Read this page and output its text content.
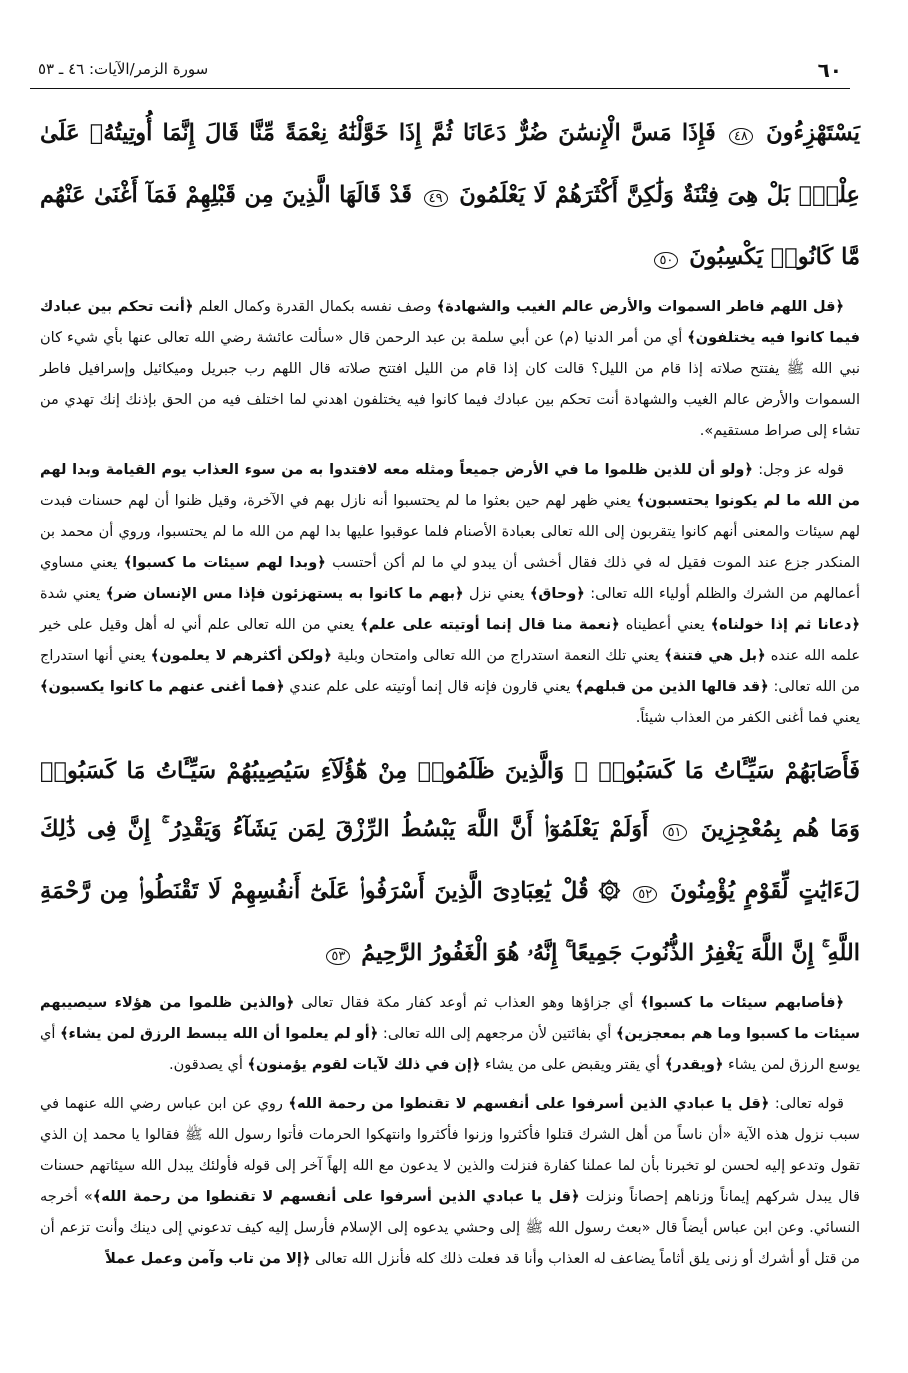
٦٠
سورة الزمر/الآيات: ٤٦ ـ ٥٣

يَسْتَهْزِءُونَ ٤٨ فَإِذَا مَسَّ الْإِنسَٰنَ ضُرٌّ دَعَانَا ثُمَّ إِذَا خَوَّلْنَٰهُ نِعْمَةً مِّنَّا قَالَ إِنَّمَا أُوتِيتُهُۥ عَلَىٰ عِلْمٍۭ بَلْ هِىَ فِتْنَةٌ وَلَٰكِنَّ أَكْثَرَهُمْ لَا يَعْلَمُونَ ٤٩ قَدْ قَالَهَا الَّذِينَ مِن قَبْلِهِمْ فَمَآ أَغْنَىٰ عَنْهُم مَّا كَانُوا۟ يَكْسِبُونَ ٥٠

﴿قل اللهم فاطر السموات والأرض عالم الغيب والشهادة﴾ وصف نفسه بكمال القدرة وكمال العلم ﴿أنت تحكم بين عبادك فيما كانوا فيه يختلفون﴾ أي من أمر الدنيا (م) عن أبي سلمة بن عبد الرحمن قال «سألت عائشة رضي الله تعالى عنها بأي شيء كان نبي الله ﷺ يفتتح صلاته إذا قام من الليل؟ قالت كان إذا قام من الليل افتتح صلاته قال اللهم رب جبريل وميكائيل وإسرافيل فاطر السموات والأرض عالم الغيب والشهادة أنت تحكم بين عبادك فيما كانوا فيه يختلفون اهدني لما اختلف فيه من الحق بإذنك إنك تهدي من تشاء إلى صراط مستقيم».

قوله عز وجل: ﴿ولو أن للذين ظلموا ما في الأرض جميعاً ومثله معه لافتدوا به من سوء العذاب يوم القيامة وبدا لهم من الله ما لم يكونوا يحتسبون﴾ يعني ظهر لهم حين بعثوا ما لم يحتسبوا أنه نازل بهم في الآخرة، وقيل ظنوا أن لهم حسنات فبدت لهم سيئات والمعنى أنهم كانوا يتقربون إلى الله تعالى بعبادة الأصنام فلما عوقبوا عليها بدا لهم من الله ما لم يحتسبوا، وروي أن محمد بن المنكدر جزع عند الموت فقيل له في ذلك فقال أخشى أن يبدو لي ما لم أكن أحتسب ﴿وبدا لهم سيئات ما كسبوا﴾ يعني مساوي أعمالهم من الشرك والظلم أولياء الله تعالى: ﴿وحاق﴾ يعني نزل ﴿بهم ما كانوا به يستهزئون فإذا مس الإنسان ضر﴾ يعني شدة ﴿دعانا ثم إذا خولناه﴾ يعني أعطيناه ﴿نعمة منا قال إنما أوتيته على علم﴾ يعني من الله تعالى علم أني له أهل وقيل على خير علمه الله عنده ﴿بل هي فتنة﴾ يعني تلك النعمة استدراج من الله تعالى وامتحان وبلية ﴿ولكن أكثرهم لا يعلمون﴾ يعني أنها استدراج من الله تعالى: ﴿قد قالها الذين من قبلهم﴾ يعني قارون فإنه قال إنما أوتيته على علم عندي ﴿فما أغنى عنهم ما كانوا يكسبون﴾ يعني فما أغنى الكفر من العذاب شيئاً.

فَأَصَابَهُمْ سَيِّـَٔاتُ مَا كَسَبُوا۟ ۚ وَالَّذِينَ ظَلَمُوا۟ مِنْ هَٰٓؤُلَآءِ سَيُصِيبُهُمْ سَيِّـَٔاتُ مَا كَسَبُوا۟ وَمَا هُم بِمُعْجِزِينَ ٥١ أَوَلَمْ يَعْلَمُوٓا۟ أَنَّ اللَّهَ يَبْسُطُ الرِّزْقَ لِمَن يَشَآءُ وَيَقْدِرُ ۚ إِنَّ فِى ذَٰلِكَ لَءَايَٰتٍ لِّقَوْمٍ يُؤْمِنُونَ ٥٢ ۞ قُلْ يَٰعِبَادِىَ الَّذِينَ أَسْرَفُوا۟ عَلَىٰٓ أَنفُسِهِمْ لَا تَقْنَطُوا۟ مِن رَّحْمَةِ اللَّهِ ۚ إِنَّ اللَّهَ يَغْفِرُ الذُّنُوبَ جَمِيعًا ۚ إِنَّهُۥ هُوَ الْغَفُورُ الرَّحِيمُ ٥٣

﴿فأصابهم سيئات ما كسبوا﴾ أي جزاؤها وهو العذاب ثم أوعد كفار مكة فقال تعالى ﴿والذين ظلموا من هؤلاء سيصيبهم سيئات ما كسبوا وما هم بمعجزين﴾ أي بفائتين لأن مرجعهم إلى الله تعالى: ﴿أو لم يعلموا أن الله يبسط الرزق لمن يشاء﴾ أي يوسع الرزق لمن يشاء ﴿ويقدر﴾ أي يقتر ويقبض على من يشاء ﴿إن في ذلك لآيات لقوم يؤمنون﴾ أي يصدقون.

قوله تعالى: ﴿قل يا عبادي الذين أسرفوا على أنفسهم لا تقنطوا من رحمة الله﴾ روي عن ابن عباس رضي الله عنهما في سبب نزول هذه الآية «أن ناساً من أهل الشرك قتلوا فأكثروا وزنوا فأكثروا وانتهكوا الحرمات فأتوا رسول الله ﷺ فقالوا يا محمد إن الذي تقول وتدعو إليه لحسن لو تخبرنا بأن لما عملنا كفارة فنزلت والذين لا يدعون مع الله إلهاً آخر إلى قوله فأولئك يبدل الله سيئاتهم حسنات قال يبدل شركهم إيماناً وزناهم إحصاناً ونزلت ﴿قل يا عبادي الذين أسرفوا على أنفسهم لا تقنطوا من رحمة الله﴾» أخرجه النسائي. وعن ابن عباس أيضاً قال «بعث رسول الله ﷺ إلى وحشي يدعوه إلى الإسلام فأرسل إليه كيف تدعوني إلى دينك وأنت تزعم أن من قتل أو أشرك أو زنى يلق أثاماً يضاعف له العذاب وأنا قد فعلت ذلك كله فأنزل الله تعالى ﴿إلا من تاب وآمن وعمل عملاً
